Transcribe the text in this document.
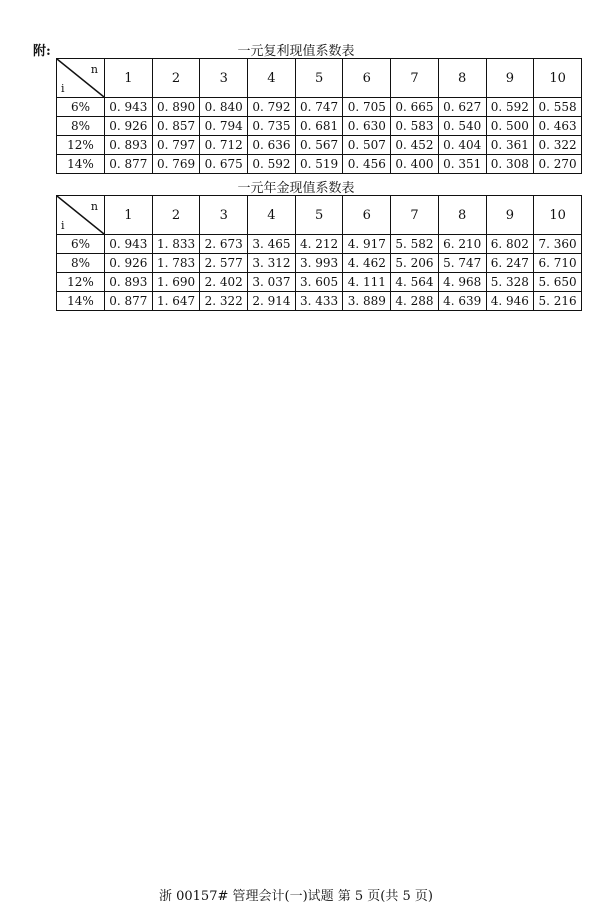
附:	一元复利现值系数表
n
i	1	2	3	4	5	6	7	8	9	10
6%	0. 943	0. 890	0. 840	0. 792	0. 747	0. 705	0. 665	0. 627	0. 592	0. 558
8%	0. 926	0. 857	0. 794	0. 735	0. 681	0. 630	0. 583	0. 540	0. 500	0. 463
12%	0. 893	0. 797	0. 712	0. 636	0. 567	0. 507	0. 452	0. 404	0. 361	0. 322
14%	0. 877	0. 769	0. 675	0. 592	0. 519	0. 456	0. 400	0. 351	0. 308	0. 270
一元年金现值系数表
n
i	1	2	3	4	5	6	7	8	9	10
6%	0. 943	1. 833	2. 673	3. 465	4. 212	4. 917	5. 582	6. 210	6. 802	7. 360
8%	0. 926	1. 783	2. 577	3. 312	3. 993	4. 462	5. 206	5. 747	6. 247	6. 710
12%	0. 893	1. 690	2. 402	3. 037	3. 605	4. 111	4. 564	4. 968	5. 328	5. 650
14%	0. 877	1. 647	2. 322	2. 914	3. 433	3. 889	4. 288	4. 639	4. 946	5. 216
浙 00157# 管理会计(一)试题 第 5 页(共 5 页)
